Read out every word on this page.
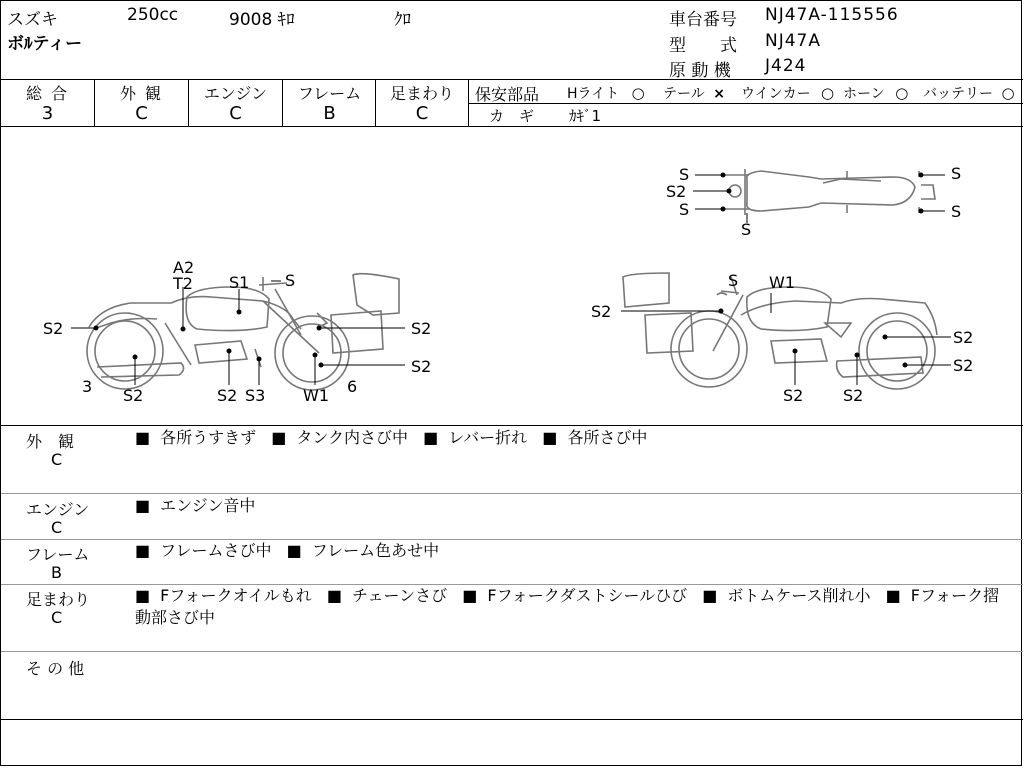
スズキ	250cc	9008 ｷﾛ	ｸﾛ
ボﾙティー
車台番号 NJ47A-115556
型　　式 NJ47A
原 動 機 J424
総 合
3
外 観
C
エンジン
C
フレーム
B
足まわり
C
保安部品 Hライト ○ テール × ウインカー ○ ホーン ○ バッテリー ○
カ　ギ ｶｷﾞ1
A2
T2 S1 S
S2	S2
S2
S2	S2 S3 W1
3	6
S W1
S2
S2
S2
S2 S2
S
S2
S
S
S
S
外　観
C
■ 各所うすきず	■ タンク内さび中	■ レバー折れ	■ 各所さび中
エンジン
C
■ エンジン音中
フレーム
B
■ フレームさび中	■ フレーム色あせ中
足まわり
C
■ Fフォークオイルもれ	■ チェーンさび	■ Fフォークダストシールひび	■ ボトムケース削れ小	■ Fフォーク摺動部さび中
そ の 他
